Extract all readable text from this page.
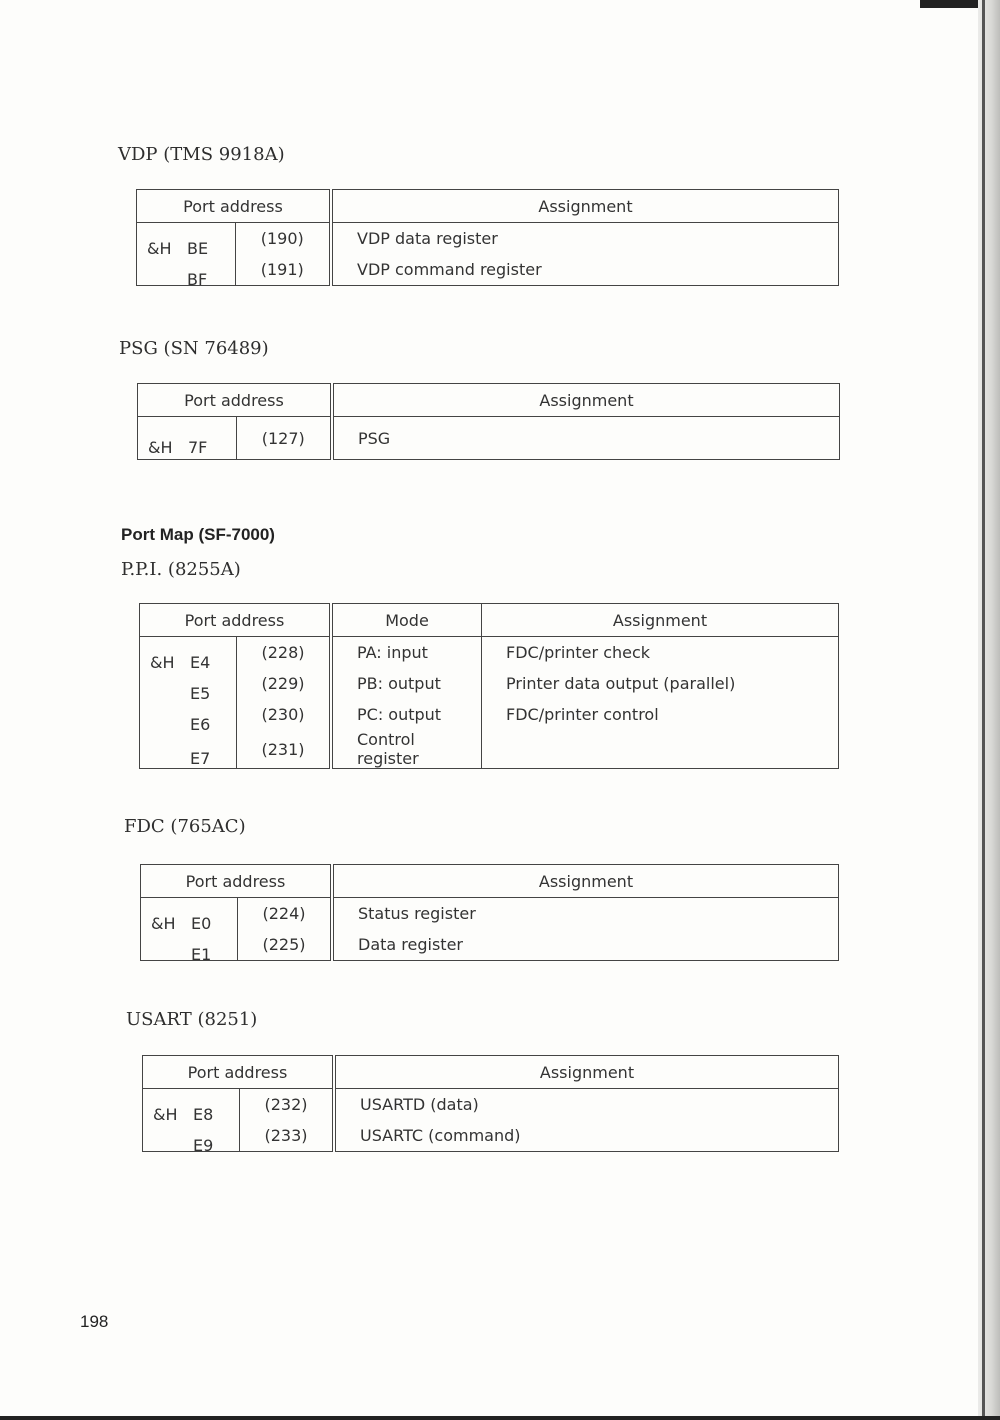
VDP (TMS 9918A)
Port address		Assignment

&H BE	(190)	VDP data register

BF	(191)	VDP command register
PSG (SN 76489)
Port address		Assignment

&H 7F	(127)	PSG
Port Map (SF-7000)
P.P.I. (8255A)
Port address		Mode	Assignment

&H E4	(228)	PA: input	FDC/printer check

E5	(229)	PB: output	Printer data output (parallel)

E6	(230)	PC: output	FDC/printer control

E7	(231)	Control register	
FDC (765AC)
Port address		Assignment

&H E0	(224)	Status register

E1	(225)	Data register
USART (8251)
Port address		Assignment

&H E8	(232)	USARTD (data)

E9	(233)	USARTC (command)
198
